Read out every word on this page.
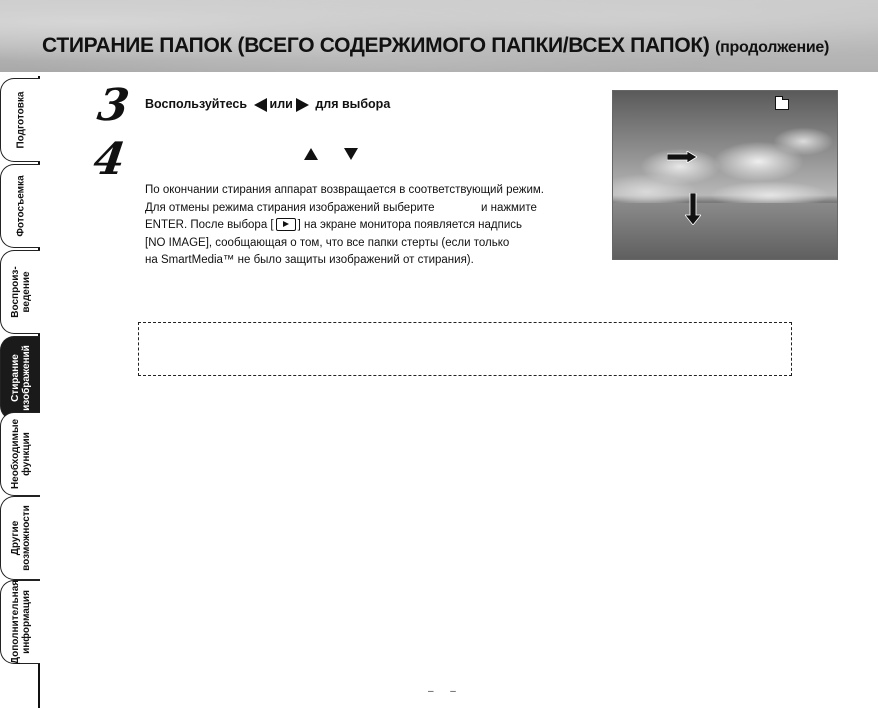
СТИРАНИЕ ПАПОК (ВСЕГО СОДЕРЖИМОГО ПАПКИ/ВСЕХ ПАПОК) (продолжение)
Подготовка
Фотосъемка
Воспроиз-
ведение
Стирание
изображений
Необходимые
функции
Другие
возможности
Дополнительная
информация
3 Воспользуйтесь или для выбора
4

По окончании стирания аппарат возвращается в соответствующий режим.

Для отмены режима стирания изображений выберите	и нажмите

ENTER. После выбора [ ] на экране монитора появляется надпись

[NO IMAGE], сообщающая о том, что все папки стерты (если только

на SmartMedia™ не было защиты изображений от стирания).

–      –
